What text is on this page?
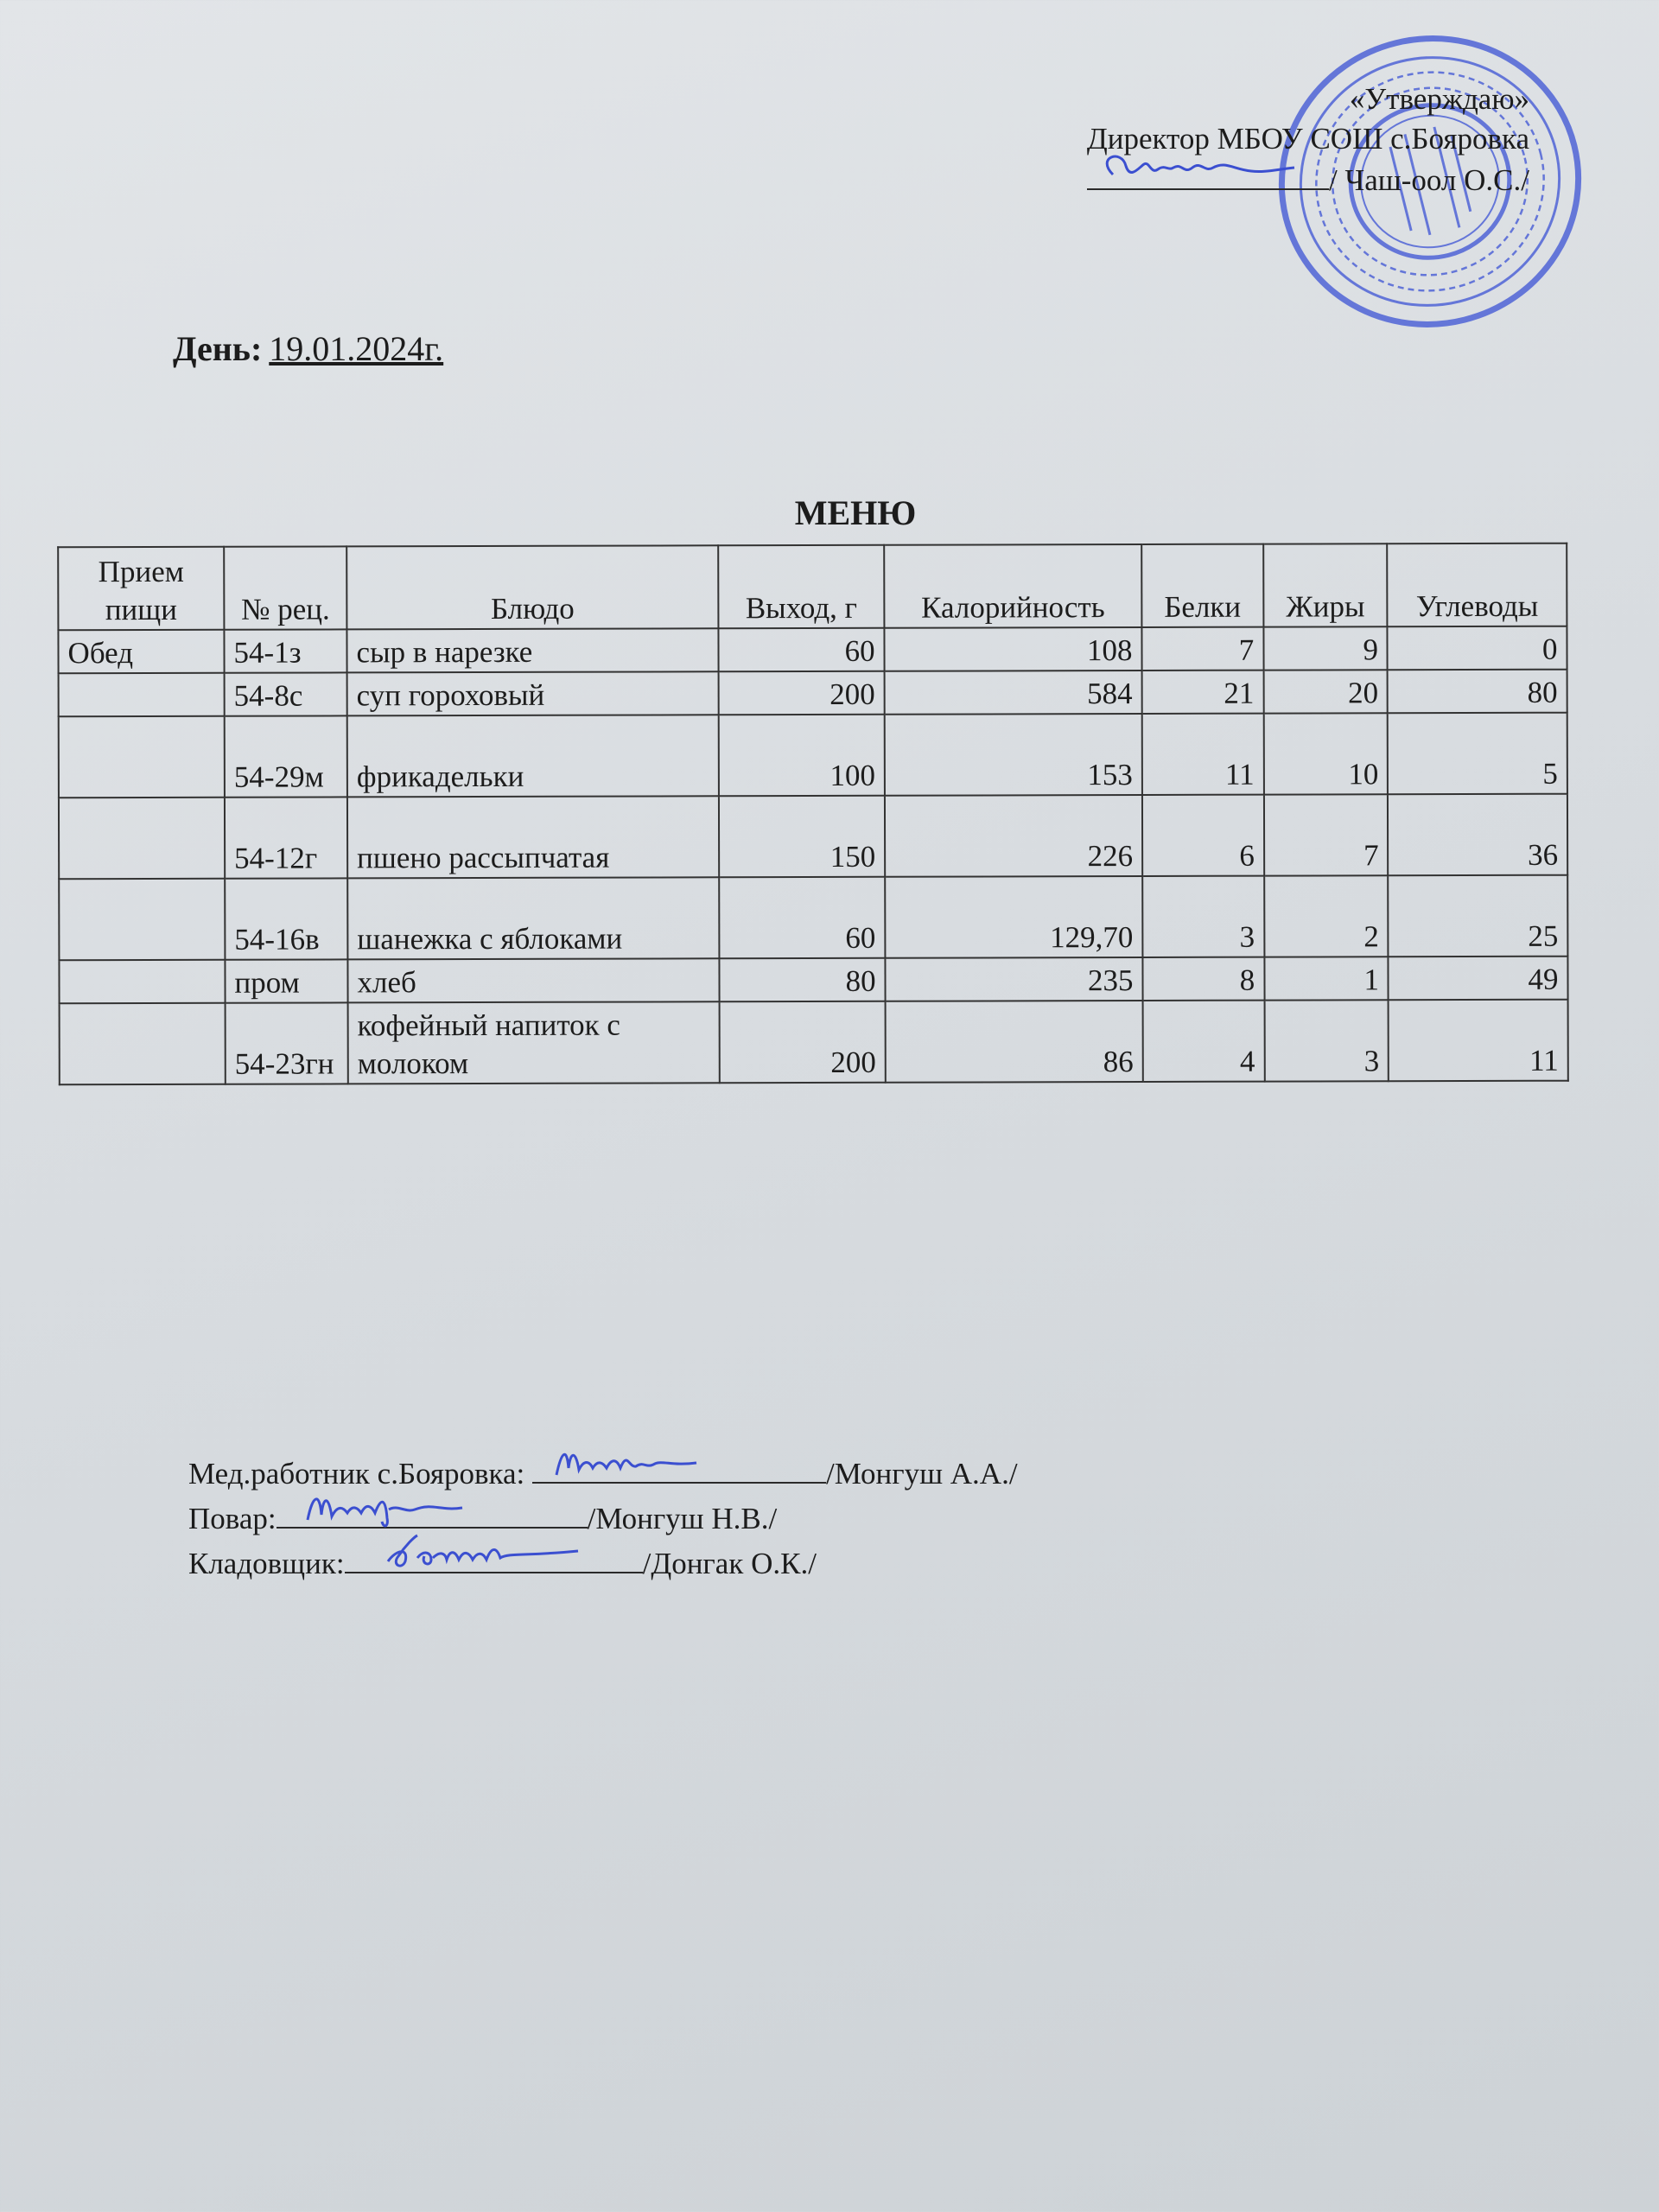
«Утверждаю»
Директор МБОУ СОШ с.Бояровка
/ Чаш-оол О.С./
День: 19.01.2024г.
МЕНЮ
Прием пищи	№ рец.	Блюдо	Выход, г	Калорийность	Белки	Жиры	Углеводы
Обед	54-1з	сыр в нарезке	60	108	7	9	0
	54-8с	суп гороховый	200	584	21	20	80
	54-29м	фрикадельки	100	153	11	10	5
	54-12г	пшено рассыпчатая	150	226	6	7	36
	54-16в	шанежка с яблоками	60	129,70	3	2	25
	пром	хлеб	80	235	8	1	49
	54-23гн	кофейный напиток с молоком	200	86	4	3	11
Мед.работник с.Бояровка:	/Монгуш А.А./
Повар:	/Монгуш Н.В./
Кладовщик:	/Донгак О.К./
